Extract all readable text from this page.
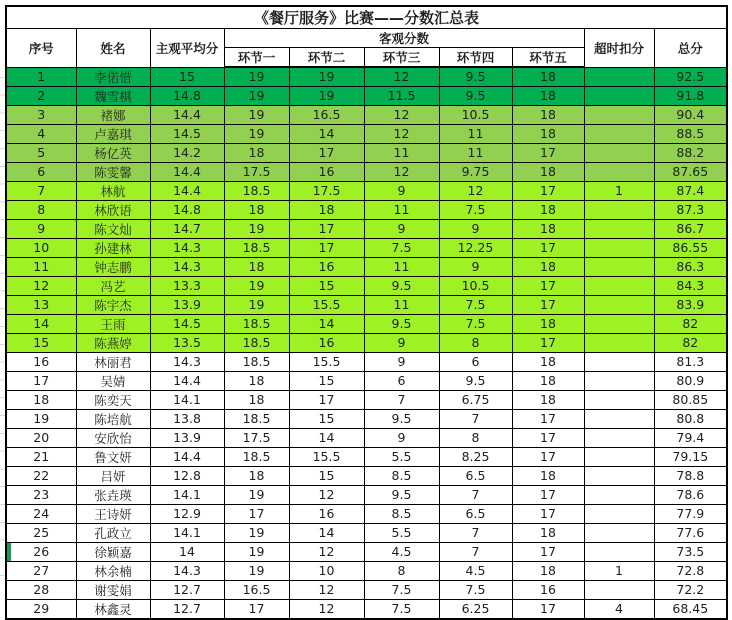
《餐厅服务》比赛——分数汇总表									
序号	姓名	主观平均分	客观分数					超时扣分	总分
			环节一	环节二	环节三	环节四	环节五		
1	李偌惜	15	19	19	12	9.5	18		92.5
2	魏雪棋	14.8	19	19	11.5	9.5	18		91.8
3	褚娜	14.4	19	16.5	12	10.5	18		90.4
4	卢嘉琪	14.5	19	14	12	11	18		88.5
5	杨亿英	14.2	18	17	11	11	17		88.2
6	陈雯馨	14.4	17.5	16	12	9.75	18		87.65
7	林航	14.4	18.5	17.5	9	12	17	1	87.4
8	林欣语	14.8	18	18	11	7.5	18		87.3
9	陈文灿	14.7	19	17	9	9	18		86.7
10	孙建林	14.3	18.5	17	7.5	12.25	17		86.55
11	钟志鹏	14.3	18	16	11	9	18		86.3
12	冯艺	13.3	19	15	9.5	10.5	17		84.3
13	陈宇杰	13.9	19	15.5	11	7.5	17		83.9
14	王雨	14.5	18.5	14	9.5	7.5	18		82
15	陈燕婷	13.5	18.5	16	9	8	17		82
16	林丽君	14.3	18.5	15.5	9	6	18		81.3
17	吴婧	14.4	18	15	6	9.5	18		80.9
18	陈奕天	14.1	18	17	7	6.75	18		80.85
19	陈培航	13.8	18.5	15	9.5	7	17		80.8
20	安欣怡	13.9	17.5	14	9	8	17		79.4
21	鲁文妍	14.4	18.5	15.5	5.5	8.25	17		79.15
22	吕妍	12.8	18	15	8.5	6.5	18		78.8
23	张垚瑛	14.1	19	12	9.5	7	17		78.6
24	王诗妍	12.9	17	16	8.5	6.5	17		77.9
25	孔政立	14.1	19	14	5.5	7	18		77.6
26	徐颖嘉	14	19	12	4.5	7	17		73.5
27	林余楠	14.3	19	10	8	4.5	18	1	72.8
28	谢雯娟	12.7	16.5	12	7.5	7.5	16		72.2
29	林鑫灵	12.7	17	12	7.5	6.25	17	4	68.45
